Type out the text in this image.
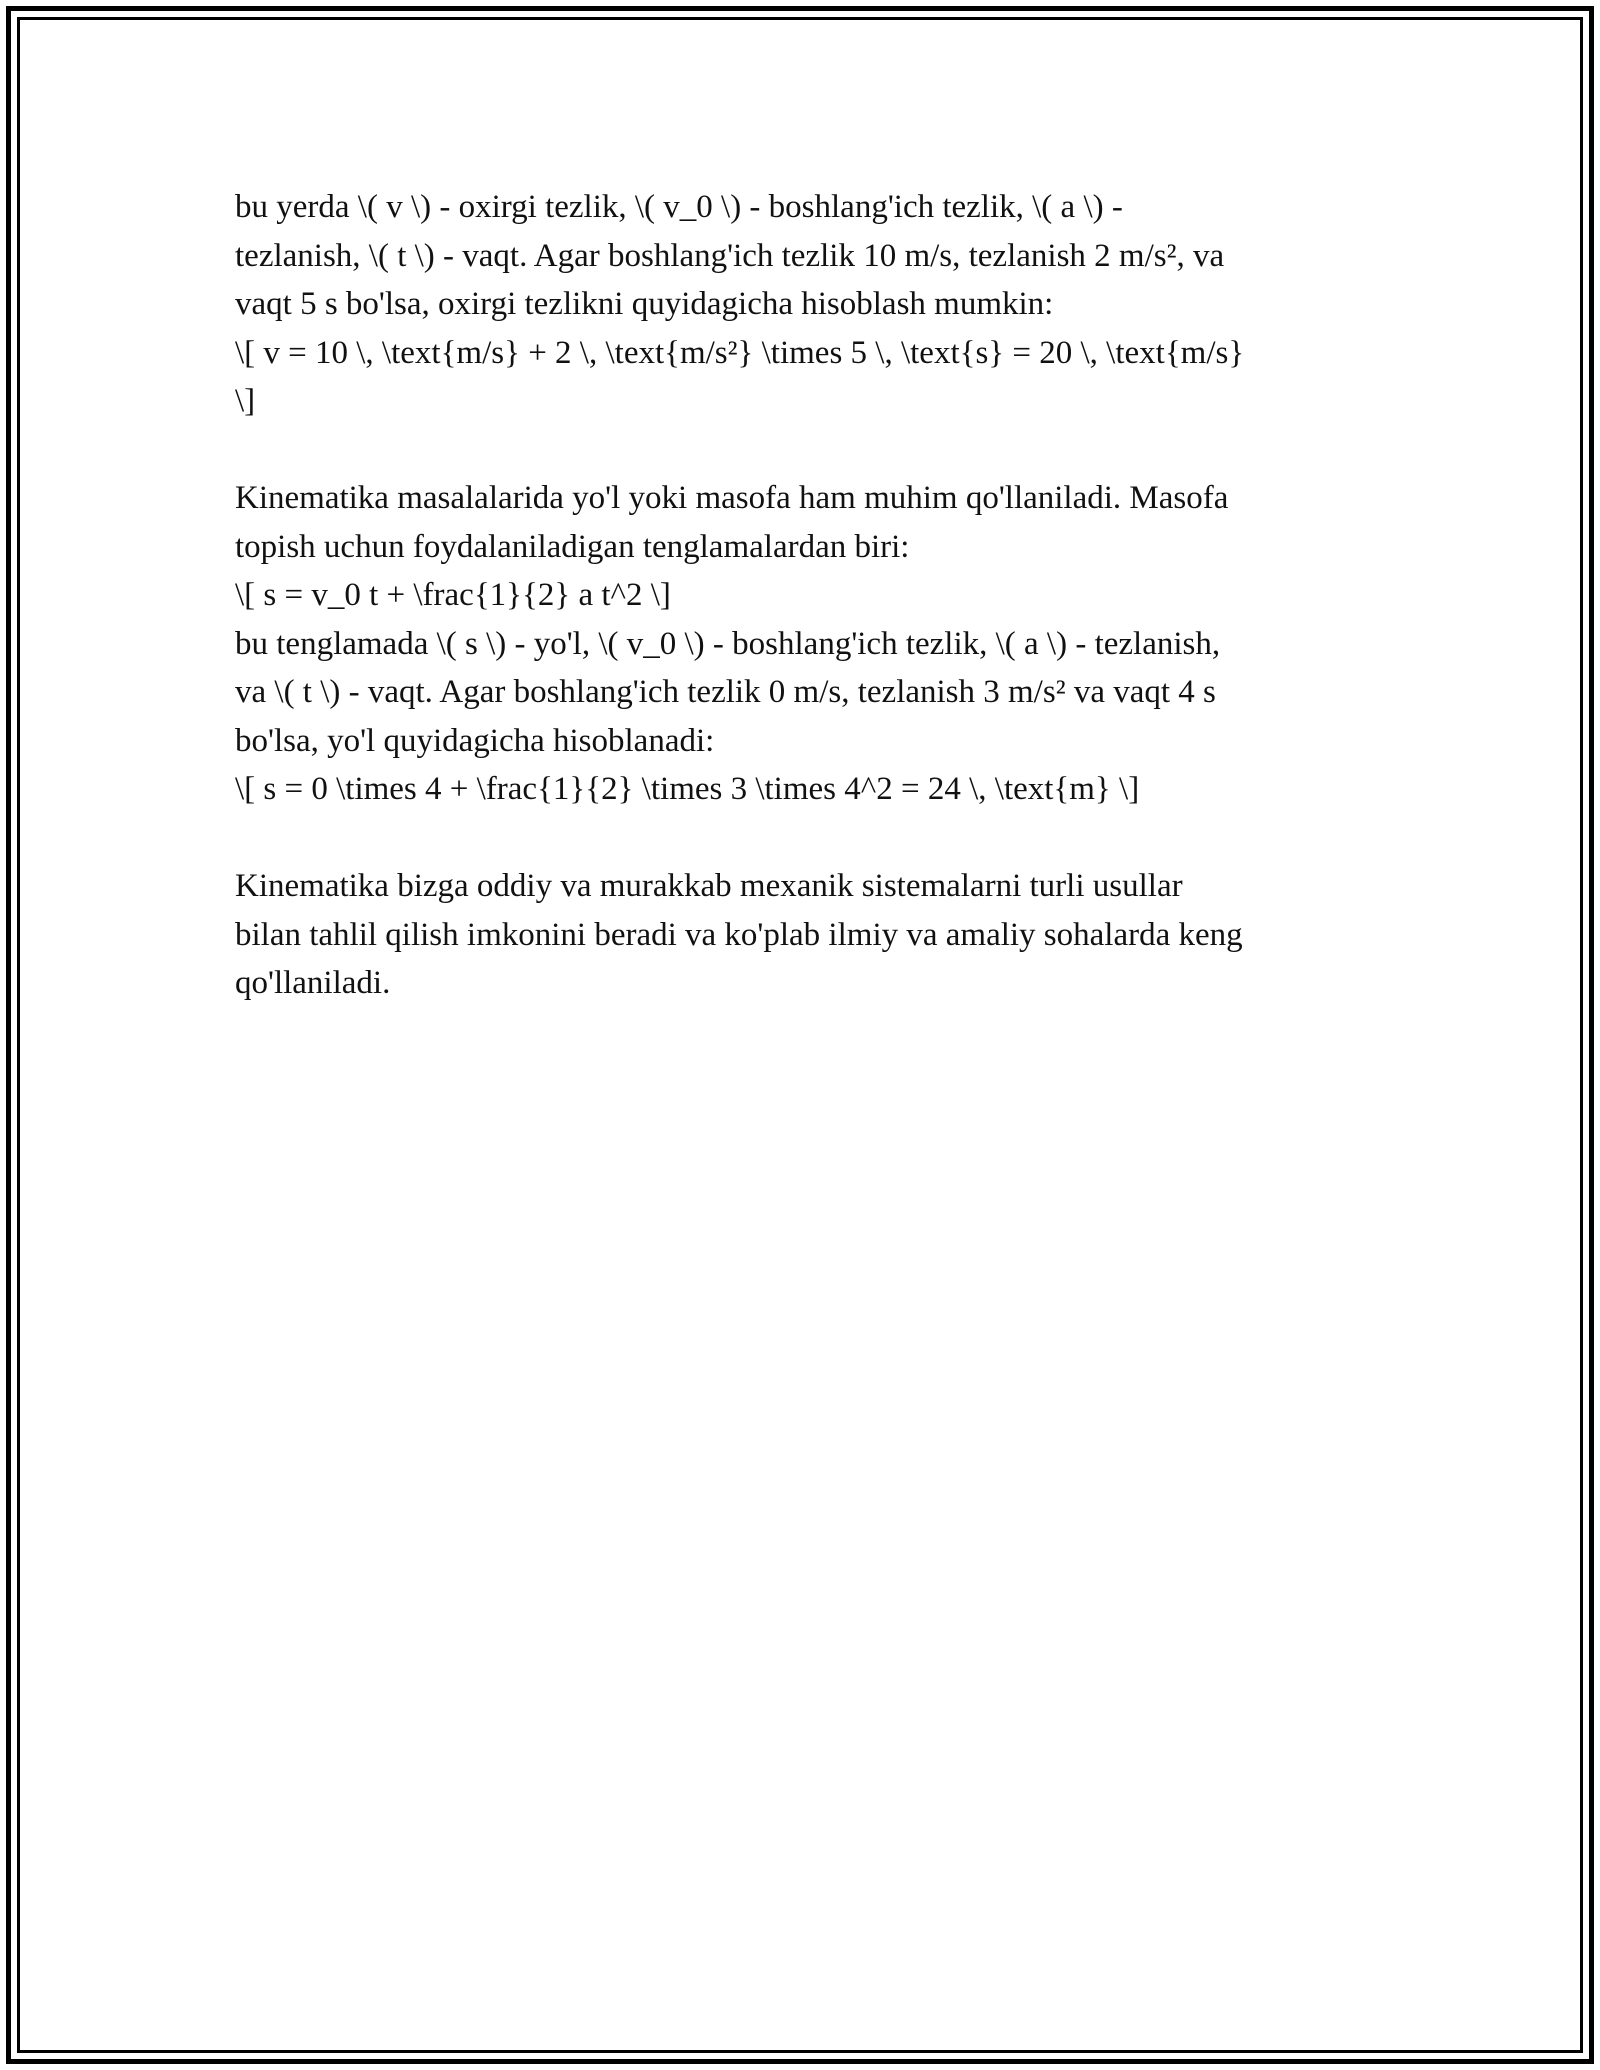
bu yerda \( v \) - oxirgi tezlik, \( v_0 \) - boshlang'ich tezlik, \( a \) -
tezlanish, \( t \) - vaqt. Agar boshlang'ich tezlik 10 m/s, tezlanish 2 m/s², va
vaqt 5 s bo'lsa, oxirgi tezlikni quyidagicha hisoblash mumkin:
\[ v = 10 \, \text{m/s} + 2 \, \text{m/s²} \times 5 \, \text{s} = 20 \, \text{m/s}
\]

Kinematika masalalarida yo'l yoki masofa ham muhim qo'llaniladi. Masofa
topish uchun foydalaniladigan tenglamalardan biri:
\[ s = v_0 t + \frac{1}{2} a t^2 \]
bu tenglamada \( s \) - yo'l, \( v_0 \) - boshlang'ich tezlik, \( a \) - tezlanish,
va \( t \) - vaqt. Agar boshlang'ich tezlik 0 m/s, tezlanish 3 m/s² va vaqt 4 s
bo'lsa, yo'l quyidagicha hisoblanadi:
\[ s = 0 \times 4 + \frac{1}{2} \times 3 \times 4^2 = 24 \, \text{m} \]

Kinematika bizga oddiy va murakkab mexanik sistemalarni turli usullar
bilan tahlil qilish imkonini beradi va ko'plab ilmiy va amaliy sohalarda keng
qo'llaniladi.
